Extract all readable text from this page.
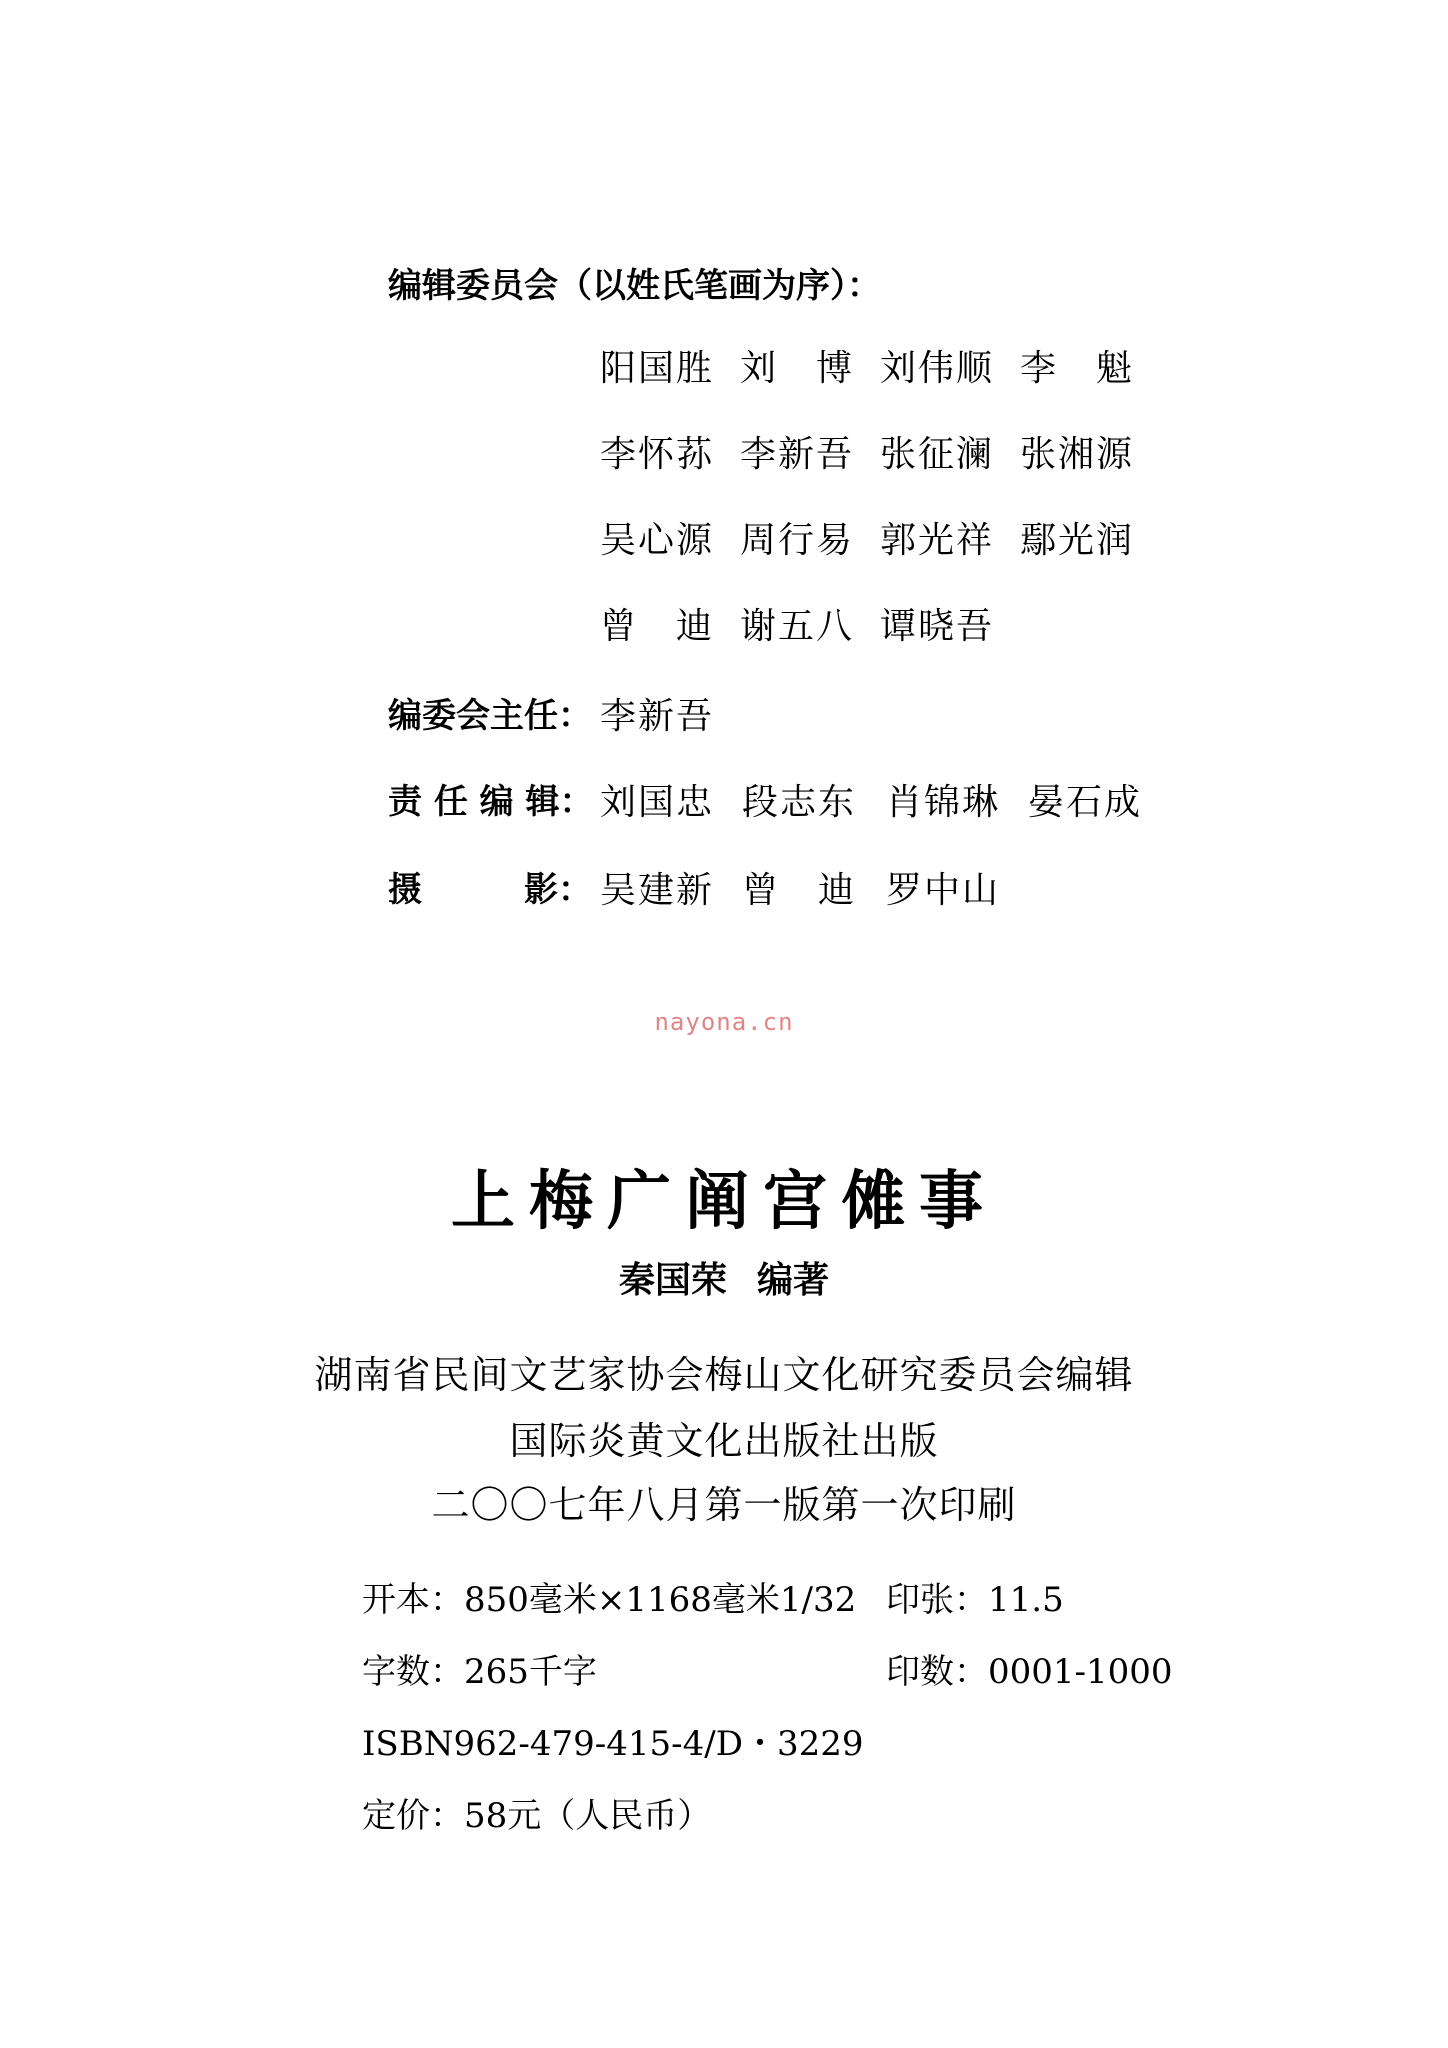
编辑委员会（以姓氏笔画为序）：
阳国胜 刘　博 刘伟顺 李　魁
李怀荪 李新吾 张征澜 张湘源
吴心源 周行易 郭光祥 鄢光润
曾　迪 谢五八 谭晓吾
编委会主任： 李新吾
责 任 编 辑： 刘国忠 段志东 肖锦琳 晏石成
摄　　　影： 吴建新 曾　迪 罗中山
nayona.cn
上梅广阐宫傩事
秦国荣 编著
湖南省民间文艺家协会梅山文化研究委员会编辑
国际炎黄文化出版社出版
二〇〇七年八月第一版第一次印刷
开本：850毫米×1168毫米1/32 印张：11.5
字数：265千字	印数：0001-1000
ISBN962-479-415-4/D・3229
定价：58元（人民币）
